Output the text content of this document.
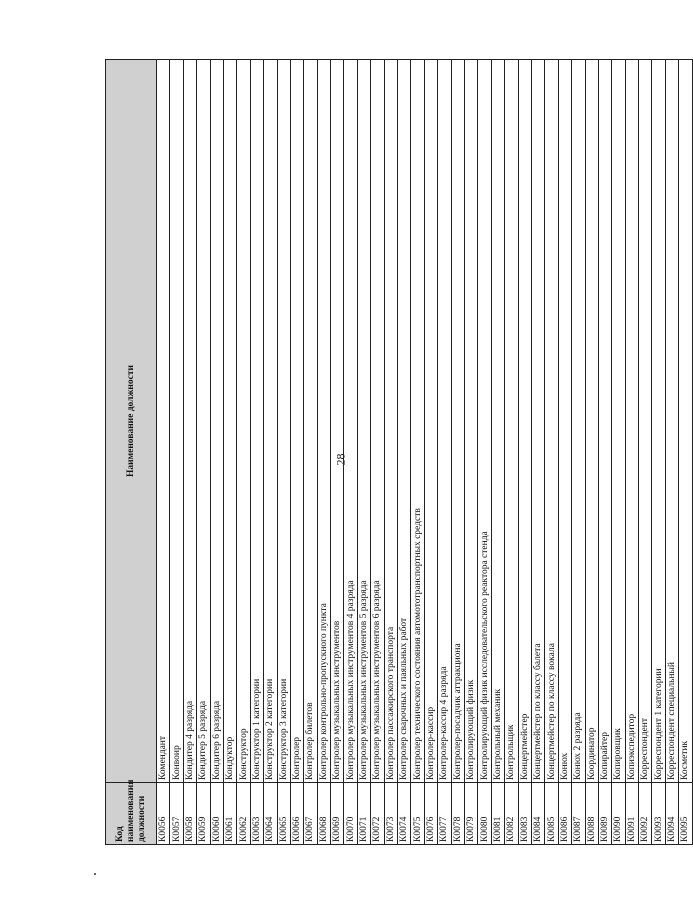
28
Код наименования должности	Наименование должности
К0056	Комендант
К0057	Конвоир
К0058	Кондитер 4 разряда
К0059	Кондитер 5 разряда
К0060	Кондитер 6 разряда
К0061	Кондуктор
К0062	Конструктор
К0063	Конструктор 1 категории
К0064	Конструктор 2 категории
К0065	Конструктор 3 категории
К0066	Контролер
К0067	Контролер билетов
К0068	Контролер контрольно-пропускного пункта
К0069	Контролер музыкальных инструментов
К0070	Контролер музыкальных инструментов 4 разряда
К0071	Контролер музыкальных инструментов 5 разряда
К0072	Контролер музыкальных инструментов 6 разряда
К0073	Контролер пассажирского транспорта
К0074	Контролер сварочных и паяльных работ
К0075	Контролер технического состояния автомототранспортных средств
К0076	Контролер-кассир
К0077	Контролер-кассир 4 разряда
К0078	Контролер-посадчик аттракциона
К0079	Контролирующий физик
К0080	Контролирующий физик исследовательского реактора стенда
К0081	Контрольный механик
К0082	Контрольщик
К0083	Концертмейстер
К0084	Концертмейстер по классу балета
К0085	Концертмейстер по классу вокала
К0086	Конюх
К0087	Конюх 2 разряда
К0088	Координатор
К0089	Копирайтер
К0090	Копировщик
К0091	Копиэкспедитор
К0092	Корреспондент
К0093	Корреспондент 1 категории
К0094	Корреспондент специальный
К0095	Косметик
